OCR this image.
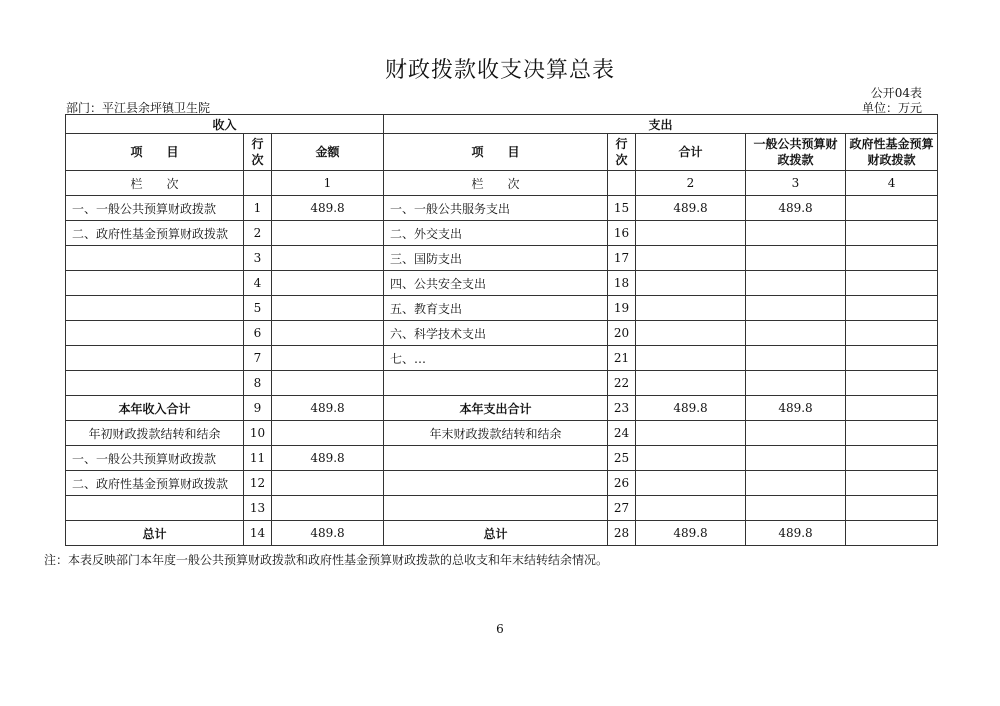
财政拨款收支决算总表
公开04表
部门：平江县余坪镇卫生院	单位：万元
收入			支出				
项　　目	行次	金额	项　　目	行次	合计	一般公共预算财政拨款	政府性基金预算财政拨款
栏　　次		1	栏　　次		2	3	4
一、一般公共预算财政拨款	1	489.8	一、一般公共服务支出	15	489.8	489.8	
二、政府性基金预算财政拨款	2		二、外交支出	16			
	3		三、国防支出	17			
	4		四、公共安全支出	18			
	5		五、教育支出	19			
	6		六、科学技术支出	20			
	7		七、…	21			
	8			22			
本年收入合计	9	489.8	本年支出合计	23	489.8	489.8	
年初财政拨款结转和结余	10		年末财政拨款结转和结余	24			
一、一般公共预算财政拨款	11	489.8		25			
二、政府性基金预算财政拨款	12			26			
	13			27			
总计	14	489.8	总计	28	489.8	489.8	
注：本表反映部门本年度一般公共预算财政拨款和政府性基金预算财政拨款的总收支和年末结转结余情况。
6
